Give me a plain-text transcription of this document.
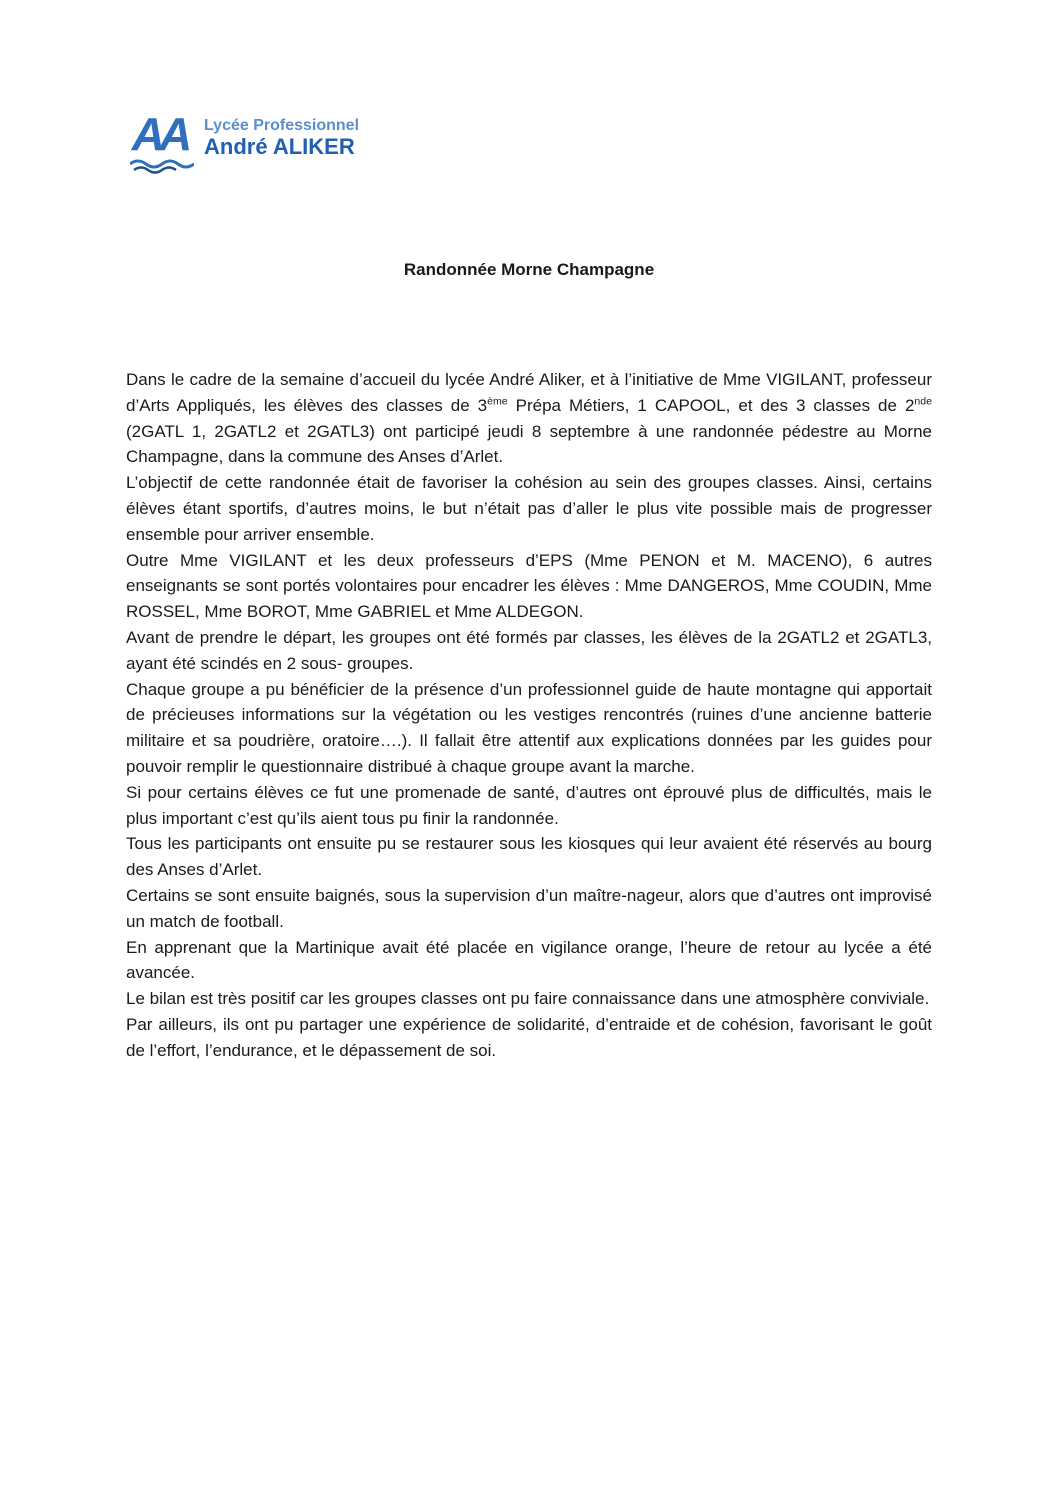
AA	Lycée Professionnel
André ALIKER
Randonnée Morne Champagne

Dans le cadre de la semaine d’accueil du lycée André Aliker, et à l’initiative de Mme VIGILANT, professeur d’Arts Appliqués, les élèves des classes de 3ème Prépa Métiers, 1 CAPOOL, et des 3 classes de 2nde (2GATL 1, 2GATL2 et 2GATL3) ont participé jeudi 8 septembre à une randonnée pédestre au Morne Champagne, dans la commune des Anses d’Arlet.

L’objectif de cette randonnée était de favoriser la cohésion au sein des groupes classes. Ainsi, certains élèves étant sportifs, d’autres moins, le but n’était pas d’aller le plus vite possible mais de progresser ensemble pour arriver ensemble.

Outre Mme VIGILANT et les deux professeurs d’EPS (Mme PENON et M. MACENO), 6 autres enseignants se sont portés volontaires pour encadrer les élèves : Mme DANGEROS, Mme COUDIN, Mme ROSSEL, Mme BOROT, Mme GABRIEL et Mme ALDEGON.

Avant de prendre le départ, les groupes ont été formés par classes, les élèves de la 2GATL2 et 2GATL3, ayant été scindés en 2 sous- groupes.

Chaque groupe a pu bénéficier de la présence d’un professionnel guide de haute montagne qui apportait de précieuses informations sur la végétation ou les vestiges rencontrés (ruines d’une ancienne batterie militaire et sa poudrière, oratoire….). Il fallait être attentif aux explications données par les guides pour pouvoir remplir le questionnaire distribué à chaque groupe avant la marche.

Si pour certains élèves ce fut une promenade de santé, d’autres ont éprouvé plus de difficultés, mais le plus important c’est qu’ils aient tous pu finir la randonnée.

Tous les participants ont ensuite pu se restaurer sous les kiosques qui leur avaient été réservés au bourg des Anses d’Arlet.

Certains se sont ensuite baignés, sous la supervision d’un maître-nageur, alors que d’autres ont improvisé un match de football.

En apprenant que la Martinique avait été placée en vigilance orange, l’heure de retour au lycée a été avancée.

Le bilan est très positif car les groupes classes ont pu faire connaissance dans une atmosphère conviviale.

Par ailleurs, ils ont pu partager une expérience de solidarité, d’entraide et de cohésion, favorisant le goût de l’effort, l’endurance, et le dépassement de soi.
